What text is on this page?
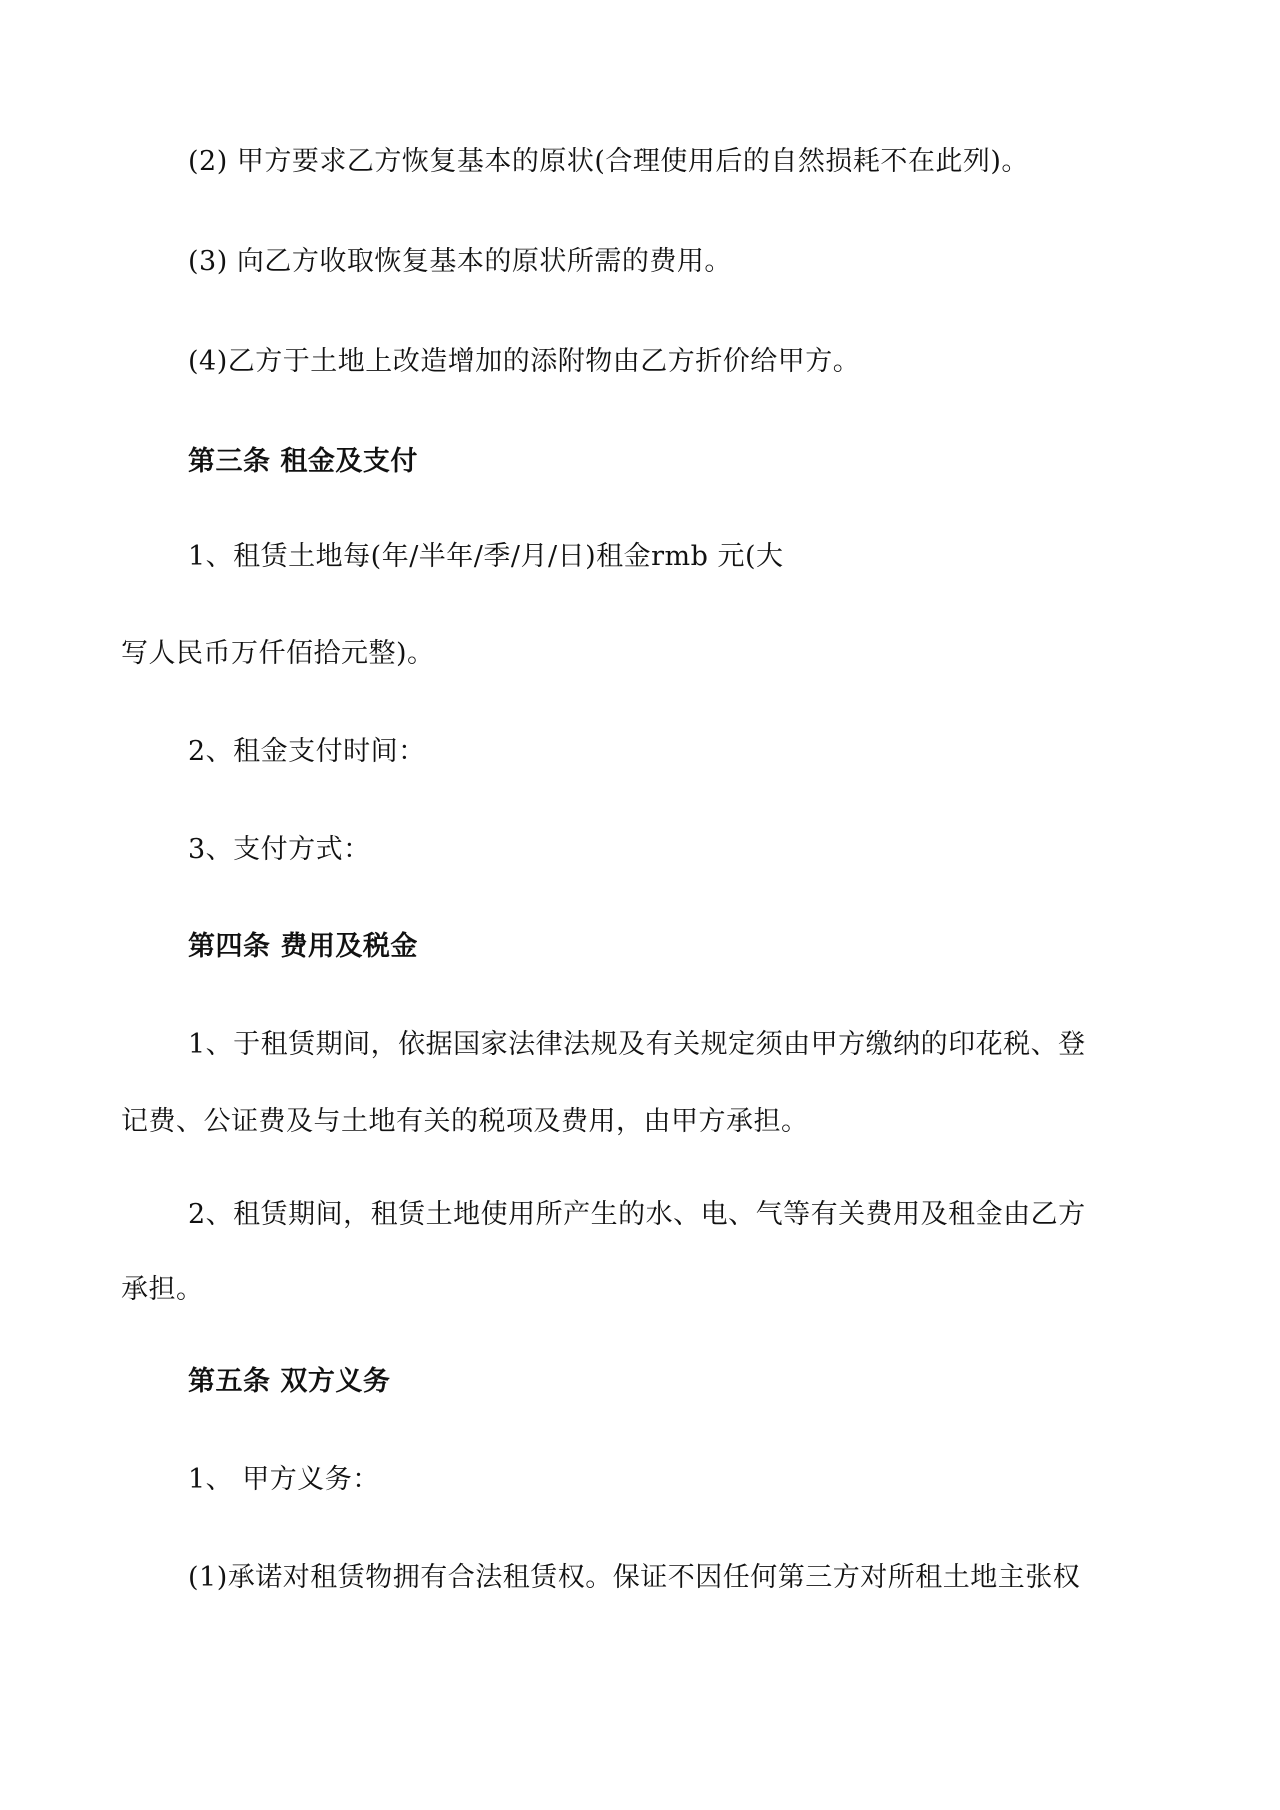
(2) 甲方要求乙方恢复基本的原状(合理使用后的自然损耗不在此列)。

(3) 向乙方收取恢复基本的原状所需的费用。

(4)乙方于土地上改造增加的添附物由乙方折价给甲方。

第三条 租金及支付

1、租赁土地每(年/半年/季/月/日)租金rmb 元(大

写人民币万仟佰拾元整)。

2、租金支付时间：

3、支付方式：

第四条 费用及税金

1、于租赁期间，依据国家法律法规及有关规定须由甲方缴纳的印花税、登

记费、公证费及与土地有关的税项及费用，由甲方承担。

2、租赁期间，租赁土地使用所产生的水、电、气等有关费用及租金由乙方

承担。

第五条 双方义务

1、 甲方义务：

(1)承诺对租赁物拥有合法租赁权。保证不因任何第三方对所租土地主张权
